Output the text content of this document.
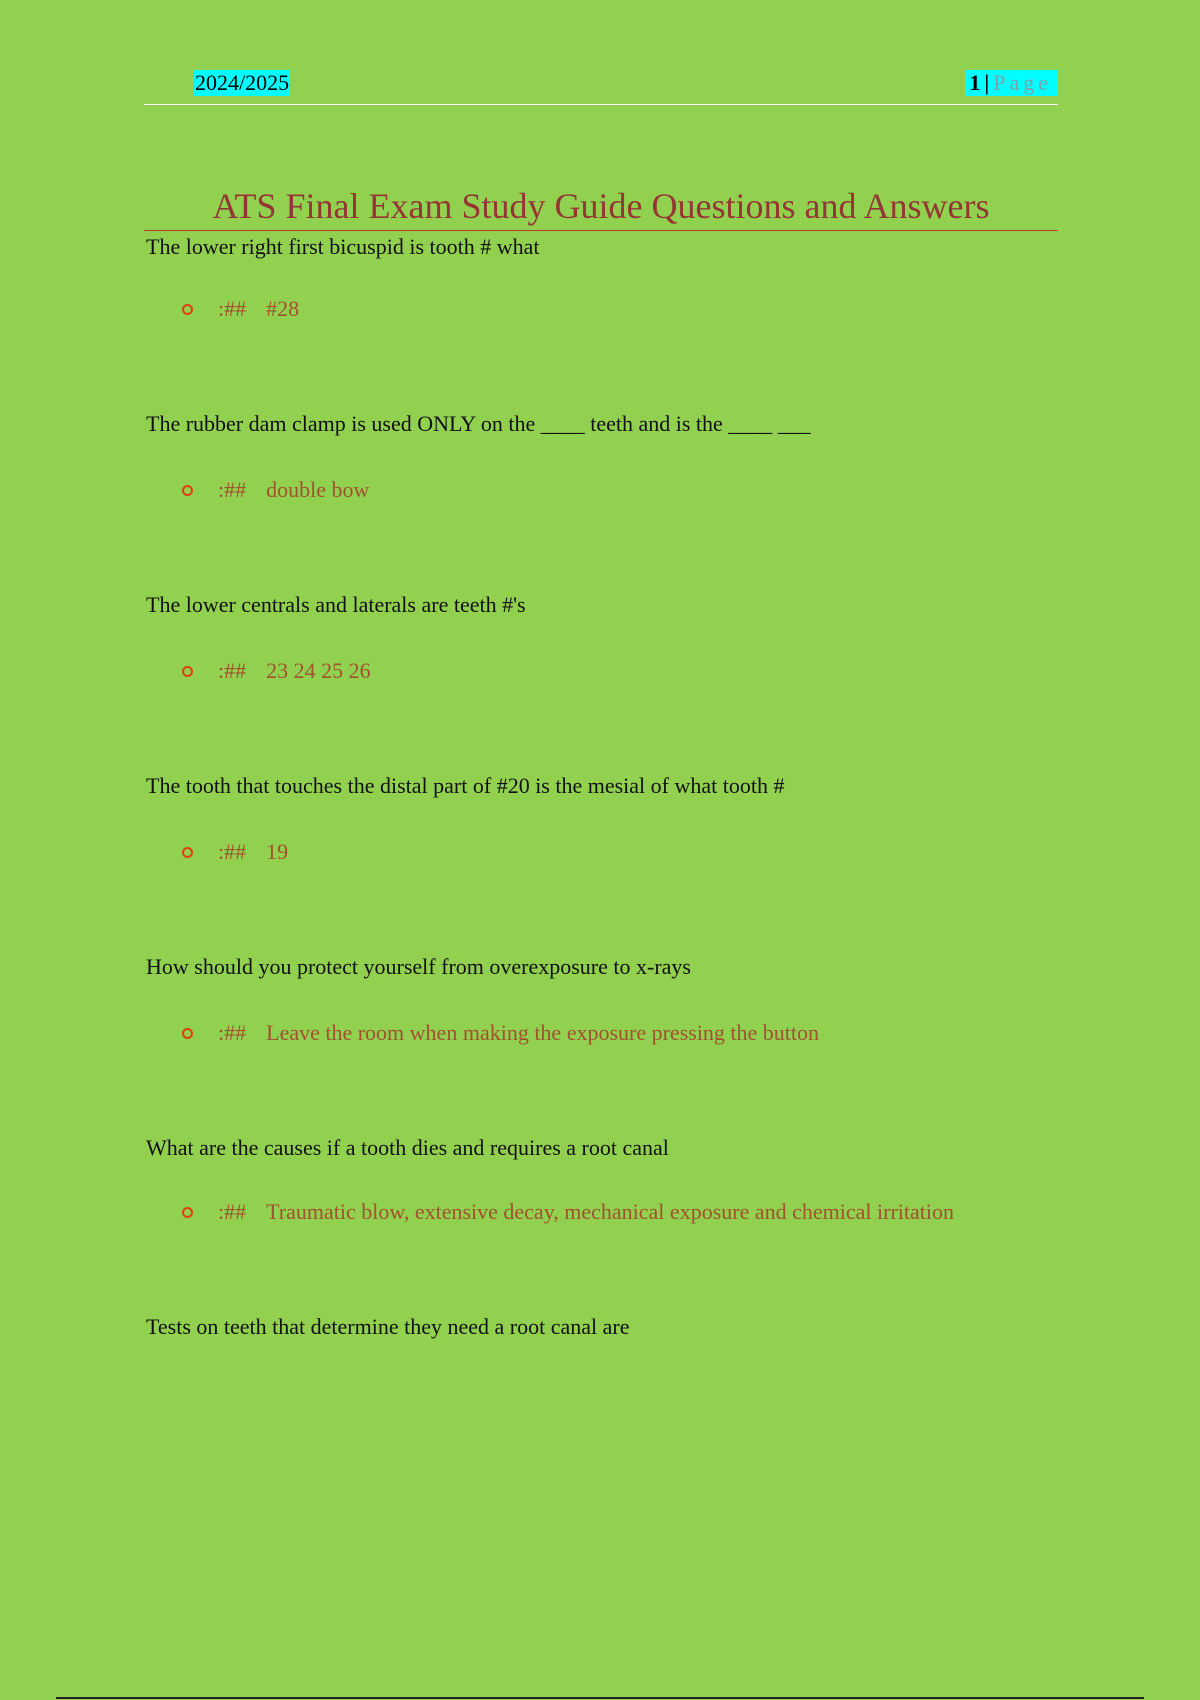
2024/2025	1 | Page
ATS Final Exam Study Guide Questions and Answers
The lower right first bicuspid is tooth # what
:## #28
The rubber dam clamp is used ONLY on the ____ teeth and is the ____ ___
:## double bow
The lower centrals and laterals are teeth #'s
:## 23 24 25 26
The tooth that touches the distal part of #20 is the mesial of what tooth #
:## 19
How should you protect yourself from overexposure to x-rays
:## Leave the room when making the exposure pressing the button
What are the causes if a tooth dies and requires a root canal
:## Traumatic blow, extensive decay, mechanical exposure and chemical irritation
Tests on teeth that determine they need a root canal are
